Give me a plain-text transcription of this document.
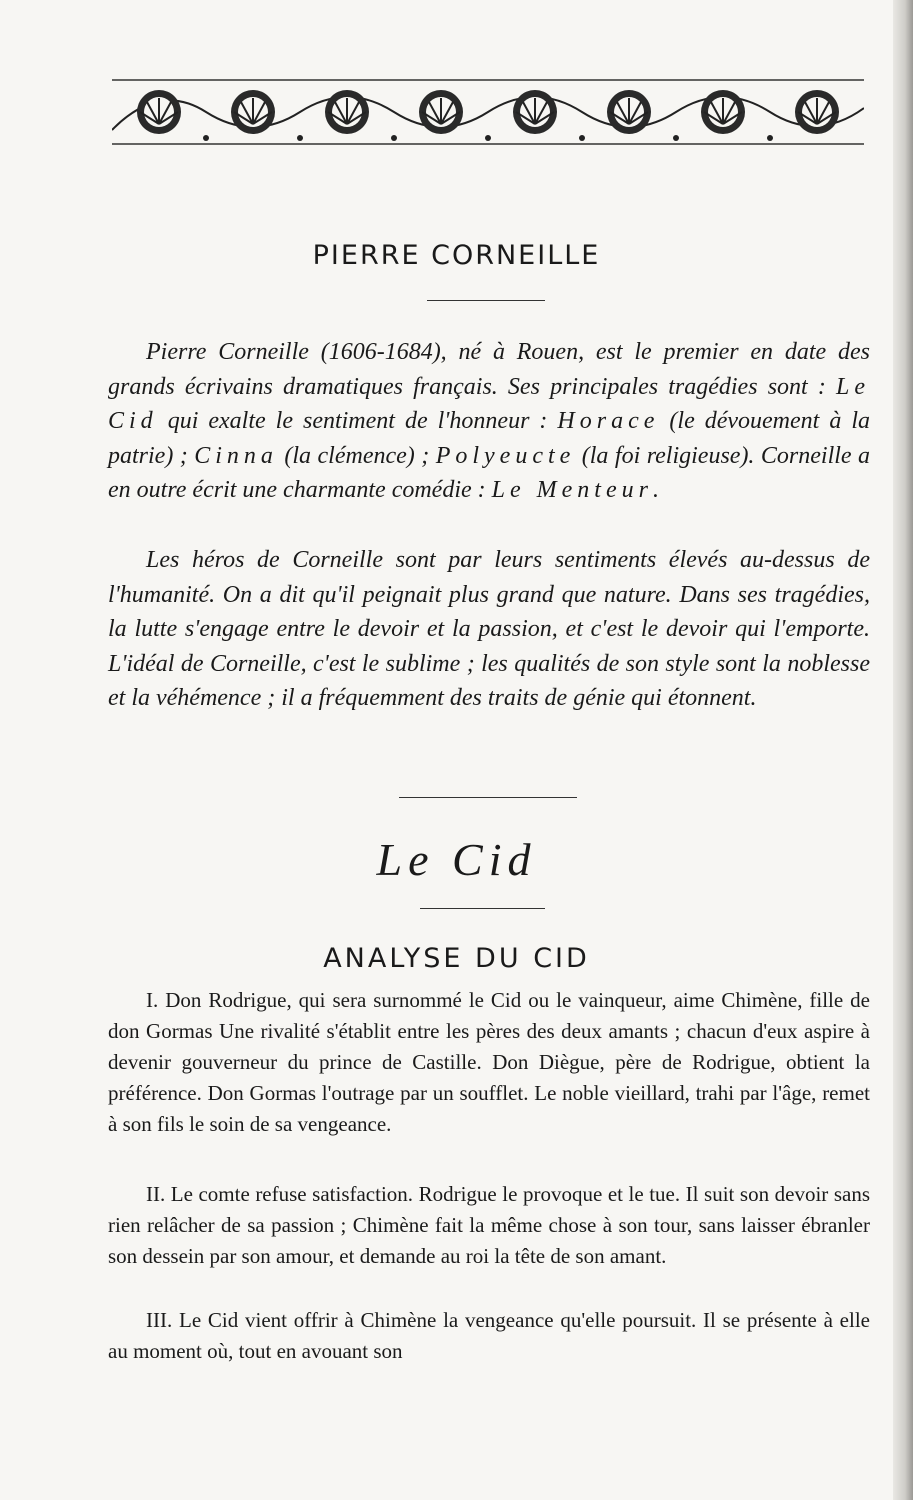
PIERRE CORNEILLE

Pierre Corneille (1606-1684), né à Rouen, est le premier en date des grands écrivains dramatiques français. Ses principales tragédies sont : Le Cid qui exalte le sentiment de l'honneur : Horace (le dévouement à la patrie) ; Cinna (la clémence) ; Polyeucte (la foi religieuse). Corneille a en outre écrit une charmante comédie : Le Menteur.

Les héros de Corneille sont par leurs sentiments élevés au-dessus de l'humanité. On a dit qu'il peignait plus grand que nature. Dans ses tragédies, la lutte s'engage entre le devoir et la passion, et c'est le devoir qui l'emporte. L'idéal de Corneille, c'est le sublime ; les qualités de son style sont la noblesse et la véhémence ; il a fréquemment des traits de génie qui étonnent.

Le Cid
ANALYSE DU CID

I. Don Rodrigue, qui sera surnommé le Cid ou le vainqueur, aime Chimène, fille de don Gormas Une rivalité s'établit entre les pères des deux amants ; chacun d'eux aspire à devenir gouverneur du prince de Castille. Don Diègue, père de Rodrigue, obtient la préférence. Don Gormas l'outrage par un soufflet. Le noble vieillard, trahi par l'âge, remet à son fils le soin de sa vengeance.

II. Le comte refuse satisfaction. Rodrigue le provoque et le tue. Il suit son devoir sans rien relâcher de sa passion ; Chimène fait la même chose à son tour, sans laisser ébranler son dessein par son amour, et demande au roi la tête de son amant.

III. Le Cid vient offrir à Chimène la vengeance qu'elle poursuit. Il se présente à elle au moment où, tout en avouant son
